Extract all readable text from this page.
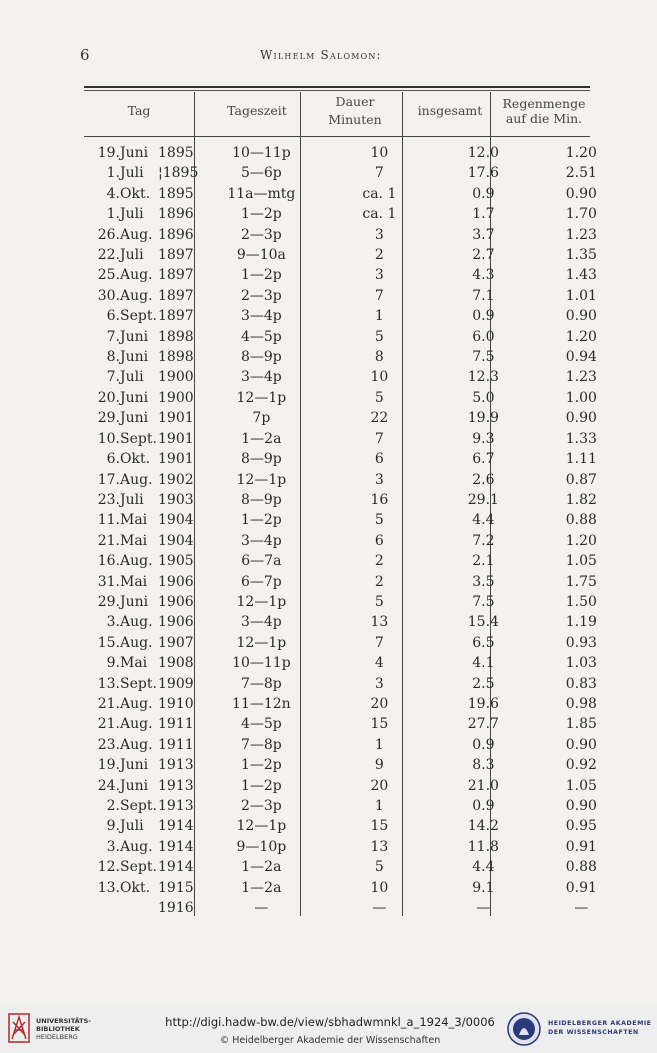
6	Wilhelm Salomon:
Tag	Tageszeit
Dauer
Minuten
insgesamt	Regenmenge
auf die Min.
19.	Juni	1895	10—11p	10	12.0	1.20
1.	Juli	¦1895	5—6p	7	17.6	2.51
4.	Okt.	1895	11a—mtg	ca. 1	0.9	0.90
1.	Juli	1896	1—2p	ca. 1	1.7	1.70
26.	Aug.	1896	2—3p	3	3.7	1.23
22.	Juli	1897	9—10a	2	2.7	1.35
25.	Aug.	1897	1—2p	3	4.3	1.43
30.	Aug.	1897	2—3p	7	7.1	1.01
6.	Sept.	1897	3—4p	1	0.9	0.90
7.	Juni	1898	4—5p	5	6.0	1.20
8.	Juni	1898	8—9p	8	7.5	0.94
7.	Juli	1900	3—4p	10	12.3	1.23
20.	Juni	1900	12—1p	5	5.0	1.00
29.	Juni	1901	7p	22	19.9	0.90
10.	Sept.	1901	1—2a	7	9.3	1.33
6.	Okt.	1901	8—9p	6	6.7	1.11
17.	Aug.	1902	12—1p	3	2.6	0.87
23.	Juli	1903	8—9p	16	29.1	1.82
11.	Mai	1904	1—2p	5	4.4	0.88
21.	Mai	1904	3—4p	6	7.2	1.20
16.	Aug.	1905	6—7a	2	2.1	1.05
31.	Mai	1906	6—7p	2	3.5	1.75
29.	Juni	1906	12—1p	5	7.5	1.50
3.	Aug.	1906	3—4p	13	15.4	1.19
15.	Aug.	1907	12—1p	7	6.5	0.93
9.	Mai	1908	10—11p	4	4.1	1.03
13.	Sept.	1909	7—8p	3	2.5	0.83
21.	Aug.	1910	11—12n	20	19.6	0.98
21.	Aug.	1911	4—5p	15	27.7	1.85
23.	Aug.	1911	7—8p	1	0.9	0.90
19.	Juni	1913	1—2p	9	8.3	0.92
24.	Juni	1913	1—2p	20	21.0	1.05
2.	Sept.	1913	2—3p	1	0.9	0.90
9.	Juli	1914	12—1p	15	14.2	0.95
3.	Aug.	1914	9—10p	13	11.8	0.91
12.	Sept.	1914	1—2a	5	4.4	0.88
13.	Okt.	1915	1—2a	10	9.1	0.91
		1916	—	—	—	—
UNIVERSITÄTS-
BIBLIOTHEK
HEIDELBERG
http://digi.hadw-bw.de/view/sbhadwmnkl_a_1924_3/0006
© Heidelberger Akademie der Wissenschaften
HEIDELBERGER AKADEMIE
DER WISSENSCHAFTEN
